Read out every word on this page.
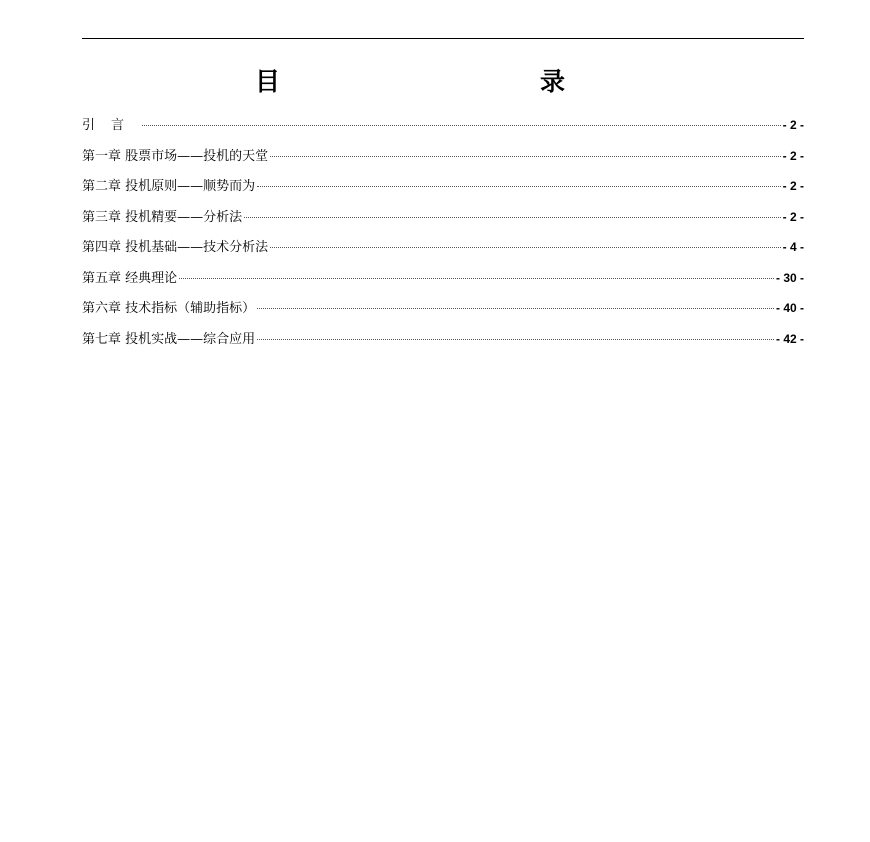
目　　录
引言	- 2 -
第一章 股票市场——投机的天堂	- 2 -
第二章 投机原则——顺势而为	- 2 -
第三章 投机精要——分析法	- 2 -
第四章 投机基础——技术分析法	- 4 -
第五章 经典理论	- 30 -
第六章 技术指标（辅助指标）	- 40 -
第七章 投机实战——综合应用	- 42 -
